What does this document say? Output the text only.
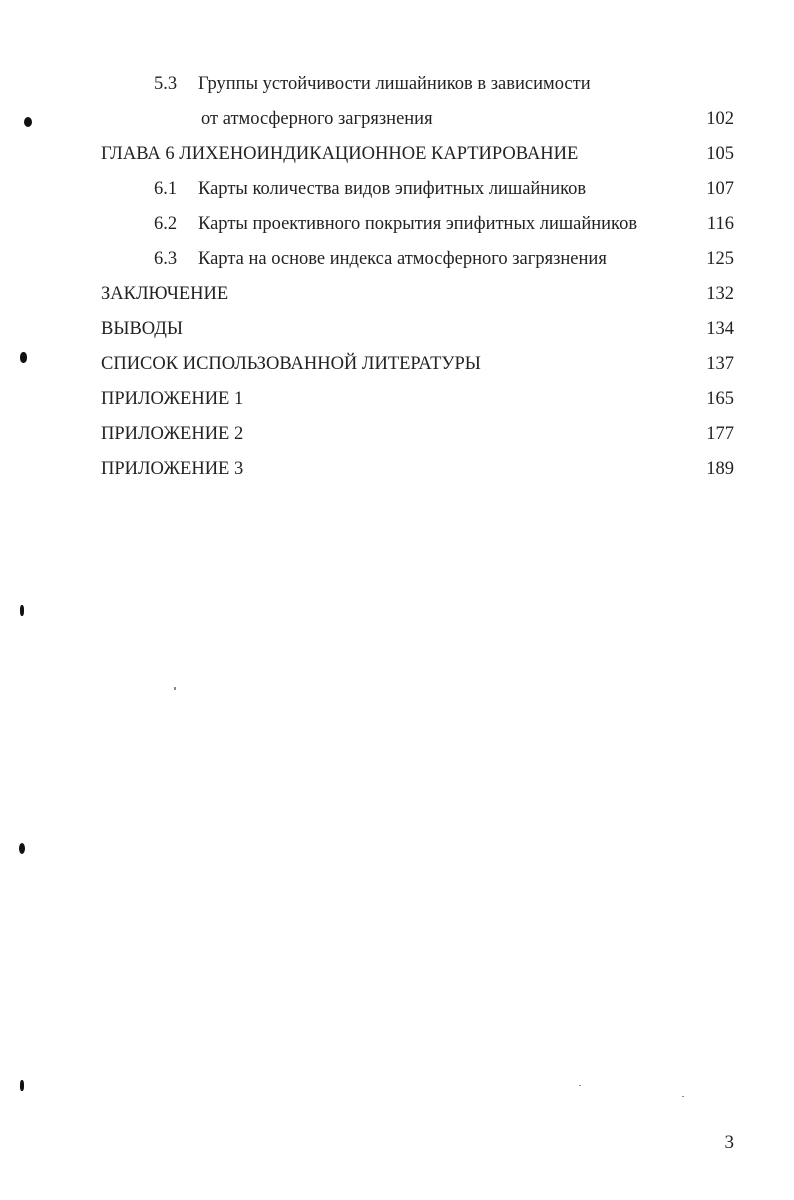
5.3 Группы устойчивости лишайников в зависимости
от атмосферного загрязнения	102
ГЛАВА 6 ЛИХЕНОИНДИКАЦИОННОЕ КАРТИРОВАНИЕ	105
6.1 Карты количества видов эпифитных лишайников	107
6.2 Карты проективного покрытия эпифитных лишайников	116
6.3 Карта на основе индекса атмосферного загрязнения	125
ЗАКЛЮЧЕНИЕ	132
ВЫВОДЫ	134
СПИСОК ИСПОЛЬЗОВАННОЙ ЛИТЕРАТУРЫ	137
ПРИЛОЖЕНИЕ 1	165
ПРИЛОЖЕНИЕ 2	177
ПРИЛОЖЕНИЕ 3	189
3
